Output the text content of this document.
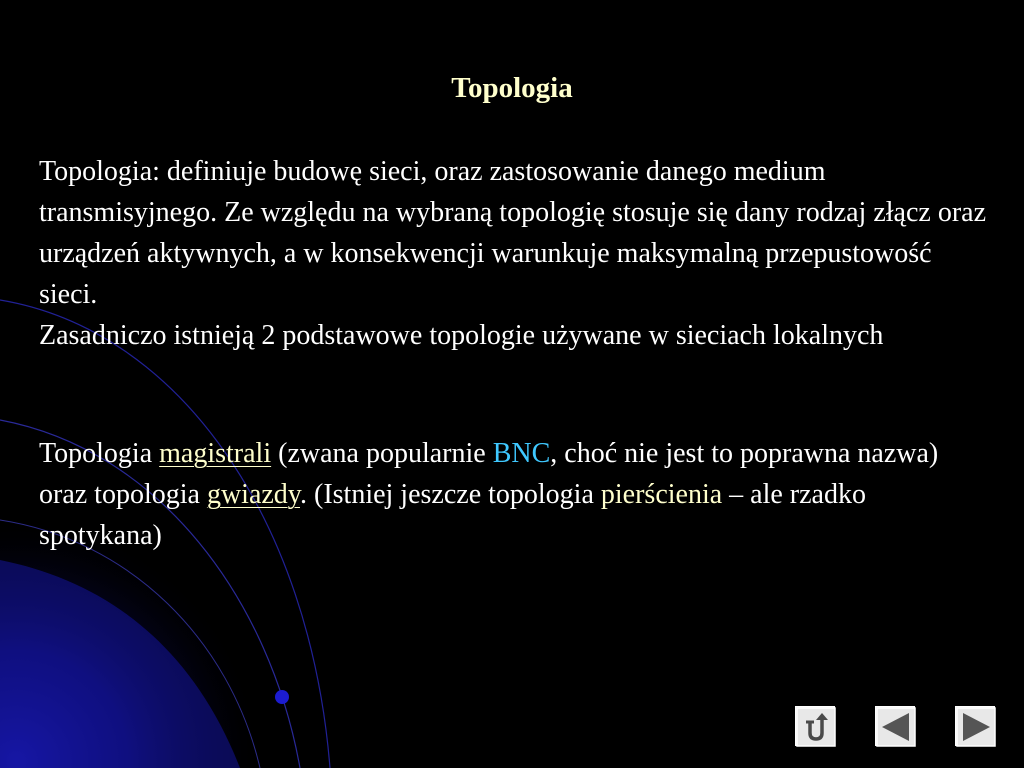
Topologia

Topologia: definiuje budowę sieci, oraz zastosowanie danego medium transmisyjnego. Ze względu na wybraną topologię stosuje się dany rodzaj złącz oraz urządzeń aktywnych, a w konsekwencji warunkuje maksymalną przepustowość sieci.

Zasadniczo istnieją 2 podstawowe topologie używane w sieciach lokalnych

Topologia magistrali (zwana popularnie BNC, choć nie jest to poprawna nazwa) oraz topologia gwiazdy. (Istniej jeszcze topologia pierścienia – ale rzadko spotykana)
